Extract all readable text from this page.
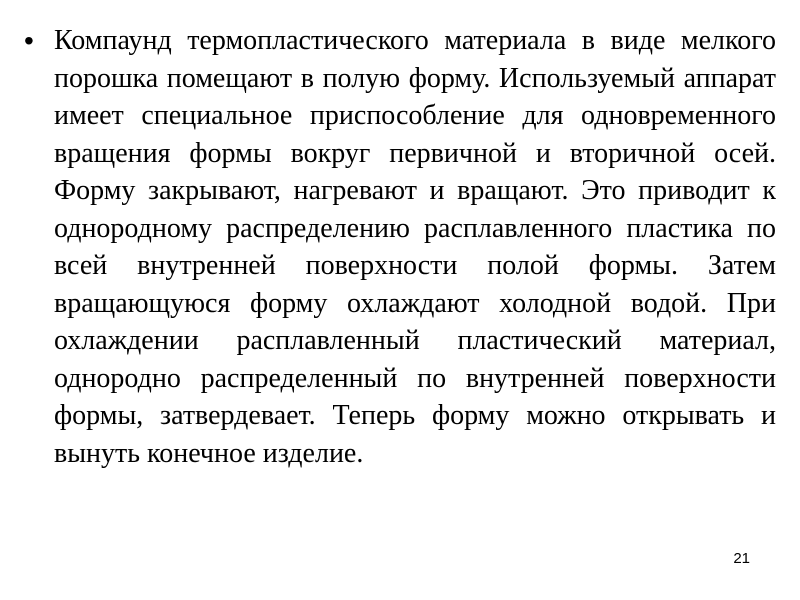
• Компаунд термопластического материала в виде мелкого порошка помещают в полую форму. Используемый аппарат имеет специальное приспособление для одновременного вращения формы вокруг первичной и вторичной осей. Форму закрывают, нагревают и вращают. Это приводит к однородному распределению расплавленного пластика по всей внутренней поверхности полой формы. Затем вращающуюся форму охлаждают холодной водой. При охлаждении расплавленный пластический материал, однородно распределенный по внутренней поверхности формы, затвердевает. Теперь форму можно открывать и вынуть конечное изделие.
21
